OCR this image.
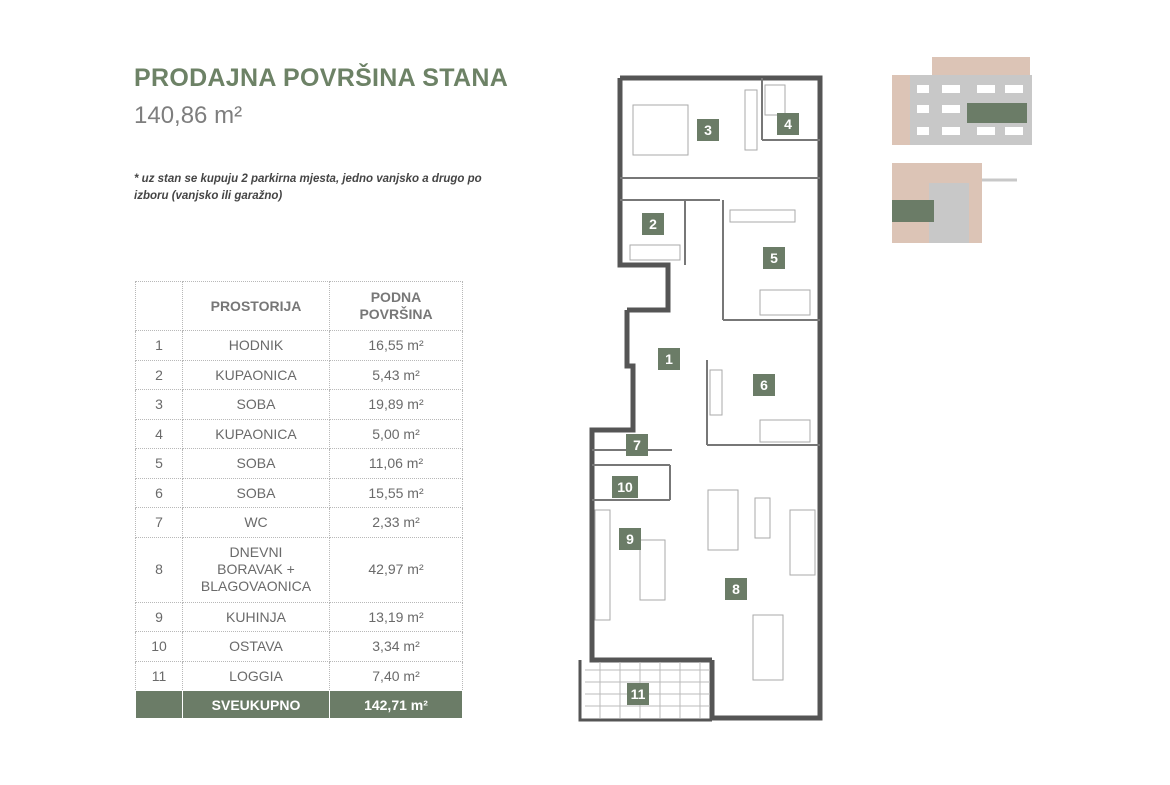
PRODAJNA POVRŠINA STANA
140,86 m²
* uz stan se kupuju 2 parkirna mjesta, jedno vanjsko a drugo po izboru (vanjsko ili garažno)
	PROSTORIJA	PODNA
POVRŠINA
1	HODNIK	16,55 m²
2	KUPAONICA	5,43 m²
3	SOBA	19,89 m²
4	KUPAONICA	5,00 m²
5	SOBA	11,06 m²
6	SOBA	15,55 m²
7	WC	2,33 m²
8	DNEVNI
BORAVAK +
BLAGOVAONICA	42,97 m²
9	KUHINJA	13,19 m²
10	OSTAVA	3,34 m²
11	LOGGIA	7,40 m²
	SVEUKUPNO	142,71 m²
1
2
3	4
5
6
7
8
9
10
11
